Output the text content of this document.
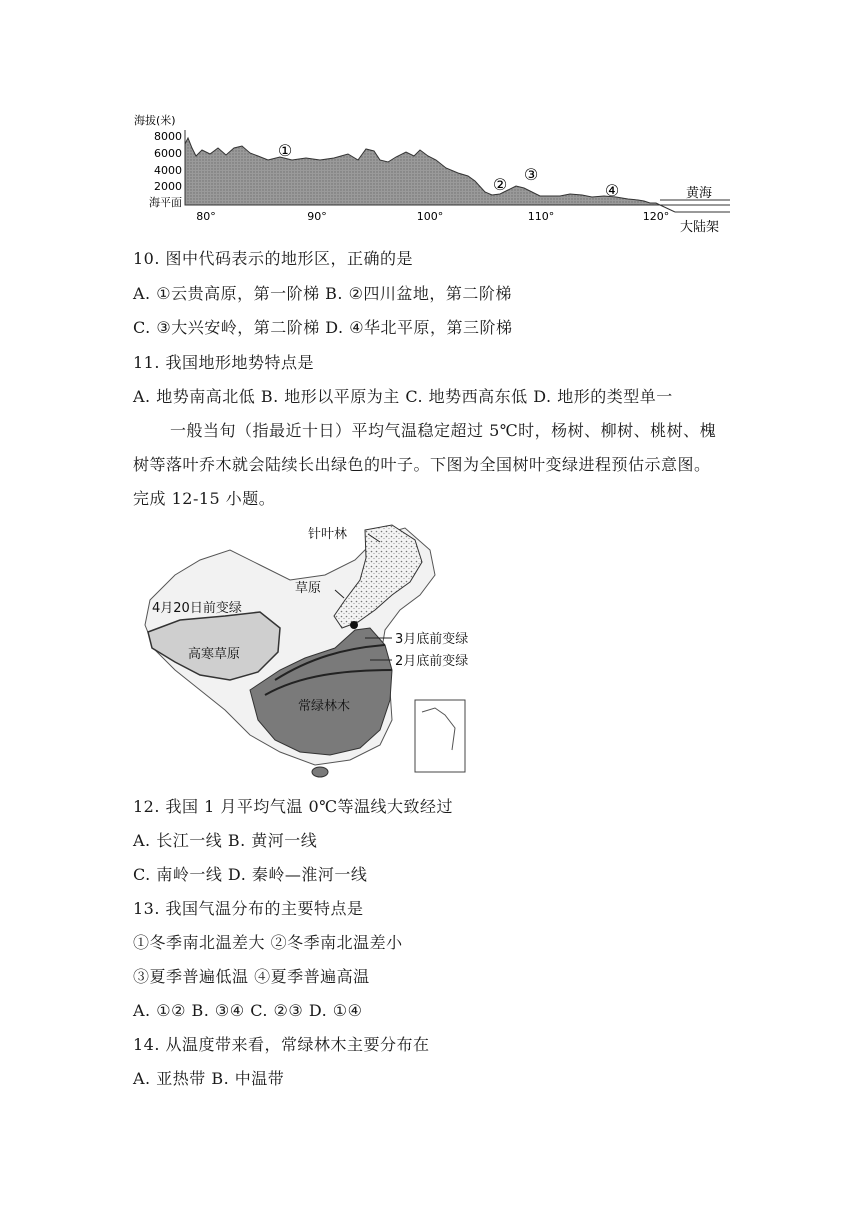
海拔(米)
8000
6000
4000
2000
海平面
①
②
③
④	黄海
大陆架
80°	90°	100°	110°	120°
10. 图中代码表示的地形区，正确的是
A. ①云贵高原，第一阶梯 B. ②四川盆地，第二阶梯
C. ③大兴安岭，第二阶梯 D. ④华北平原，第三阶梯
11. 我国地形地势特点是
A. 地势南高北低 B. 地形以平原为主 C. 地势西高东低 D. 地形的类型单一
一般当旬（指最近十日）平均气温稳定超过 5℃时，杨树、柳树、桃树、槐
树等落叶乔木就会陆续长出绿色的叶子。下图为全国树叶变绿进程预估示意图。
完成 12-15 小题。
针叶林
草原
4月20日前变绿
高寒草原
3月底前变绿
2月底前变绿
常绿林木
12. 我国 1 月平均气温 0℃等温线大致经过
A. 长江一线 B. 黄河一线
C. 南岭一线 D. 秦岭—淮河一线
13. 我国气温分布的主要特点是
①冬季南北温差大 ②冬季南北温差小
③夏季普遍低温 ④夏季普遍高温
A. ①② B. ③④ C. ②③ D. ①④
14. 从温度带来看，常绿林木主要分布在
A. 亚热带 B. 中温带
